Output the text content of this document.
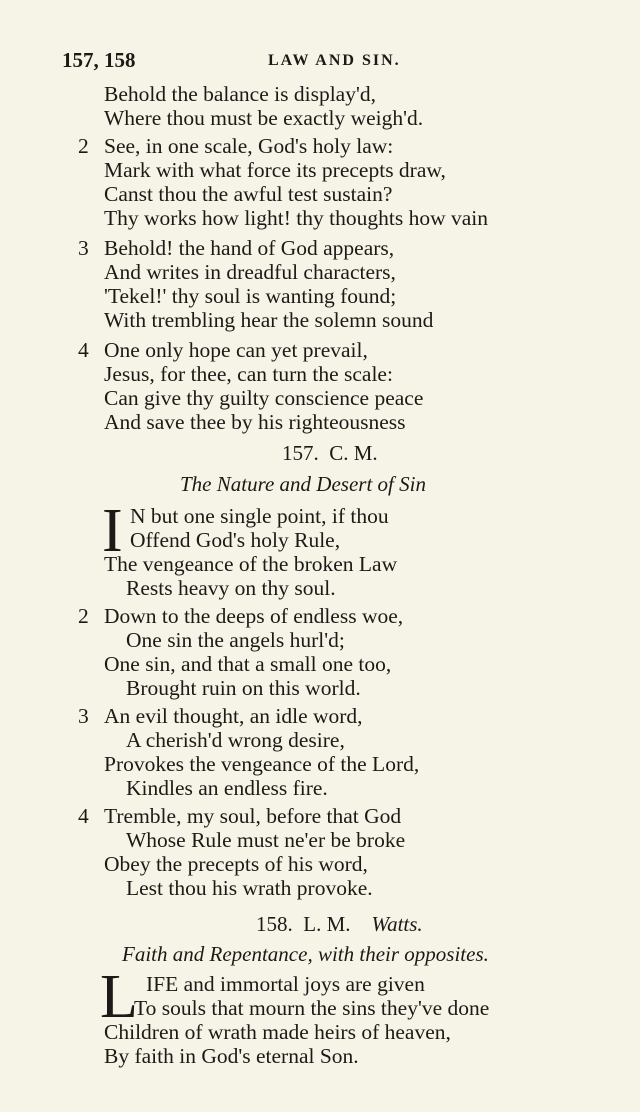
157, 158	LAW AND SIN.
Behold the balance is display'd,
Where thou must be exactly weigh'd.
2 See, in one scale, God's holy law:
Mark with what force its precepts draw,
Canst thou the awful test sustain?
Thy works how light! thy thoughts how vain
3 Behold! the hand of God appears,
And writes in dreadful characters,
'Tekel!' thy soul is wanting found;
With trembling hear the solemn sound
4 One only hope can yet prevail,
Jesus, for thee, can turn the scale:
Can give thy guilty conscience peace
And save thee by his righteousness
157. C. M.
The Nature and Desert of Sin
I N but one single point, if thou
Offend God's holy Rule,
The vengeance of the broken Law
Rests heavy on thy soul.
2 Down to the deeps of endless woe,
One sin the angels hurl'd;
One sin, and that a small one too,
Brought ruin on this world.
3 An evil thought, an idle word,
A cherish'd wrong desire,
Provokes the vengeance of the Lord,
Kindles an endless fire.
4 Tremble, my soul, before that God
Whose Rule must ne'er be broke
Obey the precepts of his word,
Lest thou his wrath provoke.
158. L. M. Watts.
Faith and Repentance, with their opposites.
L IFE and immortal joys are given
To souls that mourn the sins they've done
Children of wrath made heirs of heaven,
By faith in God's eternal Son.
